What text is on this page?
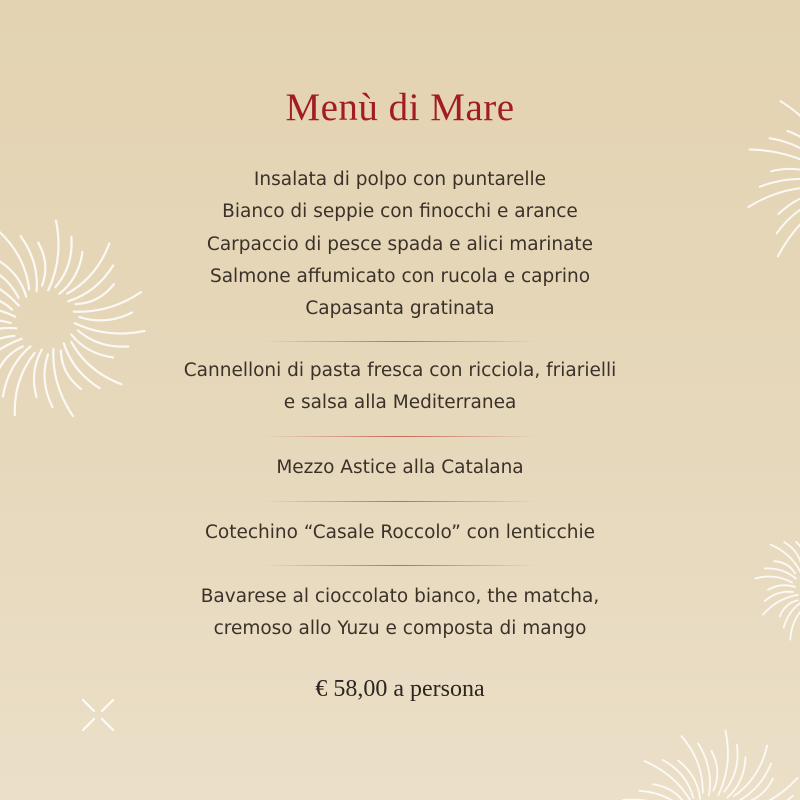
Menù di Mare
Insalata di polpo con puntarelle
Bianco di seppie con finocchi e arance
Carpaccio di pesce spada e alici marinate
Salmone affumicato con rucola e caprino
Capasanta gratinata
Cannelloni di pasta fresca con ricciola, friarielli
e salsa alla Mediterranea
Mezzo Astice alla Catalana
Cotechino “Casale Roccolo” con lenticchie
Bavarese al cioccolato bianco, the matcha,
cremoso allo Yuzu e composta di mango
€ 58,00 a persona
